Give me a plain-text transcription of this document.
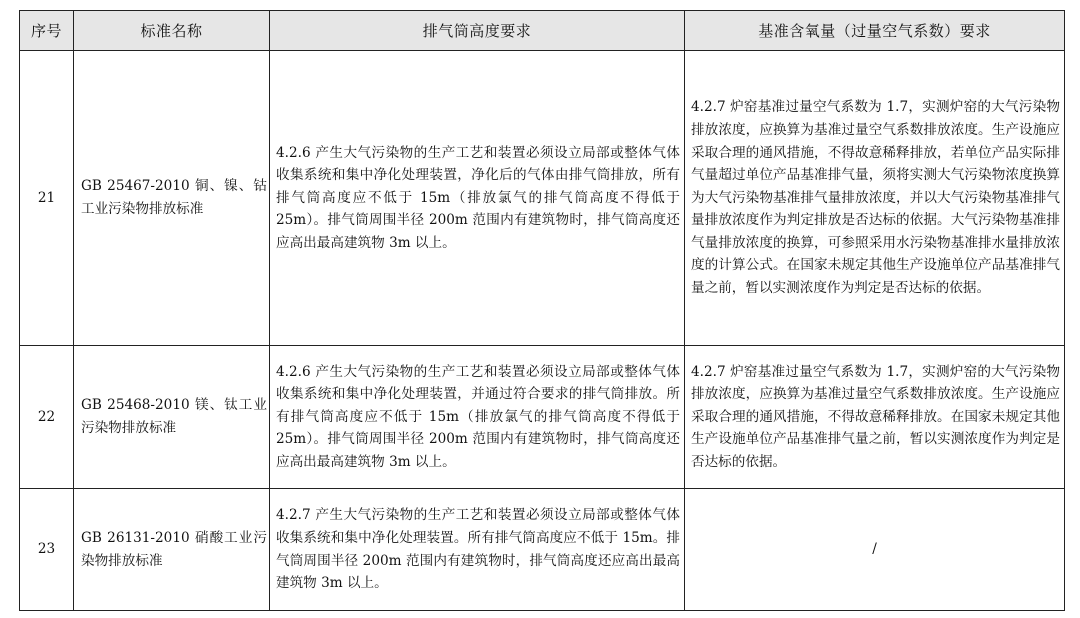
序号	标准名称	排气筒高度要求	基准含氧量（过量空气系数）要求
21	GB 25467-2010 铜、镍、钴工业污染物排放标准	4.2.6 产生大气污染物的生产工艺和装置必须设立局部或整体气体收集系统和集中净化处理装置，净化后的气体由排气筒排放，所有排气筒高度应不低于 15m（排放氯气的排气筒高度不得低于 25m）。排气筒周围半径 200m 范围内有建筑物时，排气筒高度还应高出最高建筑物 3m 以上。	4.2.7 炉窑基准过量空气系数为 1.7，实测炉窑的大气污染物排放浓度，应换算为基准过量空气系数排放浓度。生产设施应采取合理的通风措施，不得故意稀释排放，若单位产品实际排气量超过单位产品基准排气量，须将实测大气污染物浓度换算为大气污染物基准排气量排放浓度，并以大气污染物基准排气量排放浓度作为判定排放是否达标的依据。大气污染物基准排气量排放浓度的换算，可参照采用水污染物基准排水量排放浓度的计算公式。在国家未规定其他生产设施单位产品基准排气量之前，暂以实测浓度作为判定是否达标的依据。
22	GB 25468-2010 镁、钛工业污染物排放标准	4.2.6 产生大气污染物的生产工艺和装置必须设立局部或整体气体收集系统和集中净化处理装置，并通过符合要求的排气筒排放。所有排气筒高度应不低于 15m（排放氯气的排气筒高度不得低于 25m）。排气筒周围半径 200m 范围内有建筑物时，排气筒高度还应高出最高建筑物 3m 以上。	4.2.7 炉窑基准过量空气系数为 1.7，实测炉窑的大气污染物排放浓度，应换算为基准过量空气系数排放浓度。生产设施应采取合理的通风措施，不得故意稀释排放。在国家未规定其他生产设施单位产品基准排气量之前，暂以实测浓度作为判定是否达标的依据。
23	GB 26131-2010 硝酸工业污染物排放标准	4.2.7 产生大气污染物的生产工艺和装置必须设立局部或整体气体收集系统和集中净化处理装置。所有排气筒高度应不低于 15m。排气筒周围半径 200m 范围内有建筑物时，排气筒高度还应高出最高建筑物 3m 以上。	/
